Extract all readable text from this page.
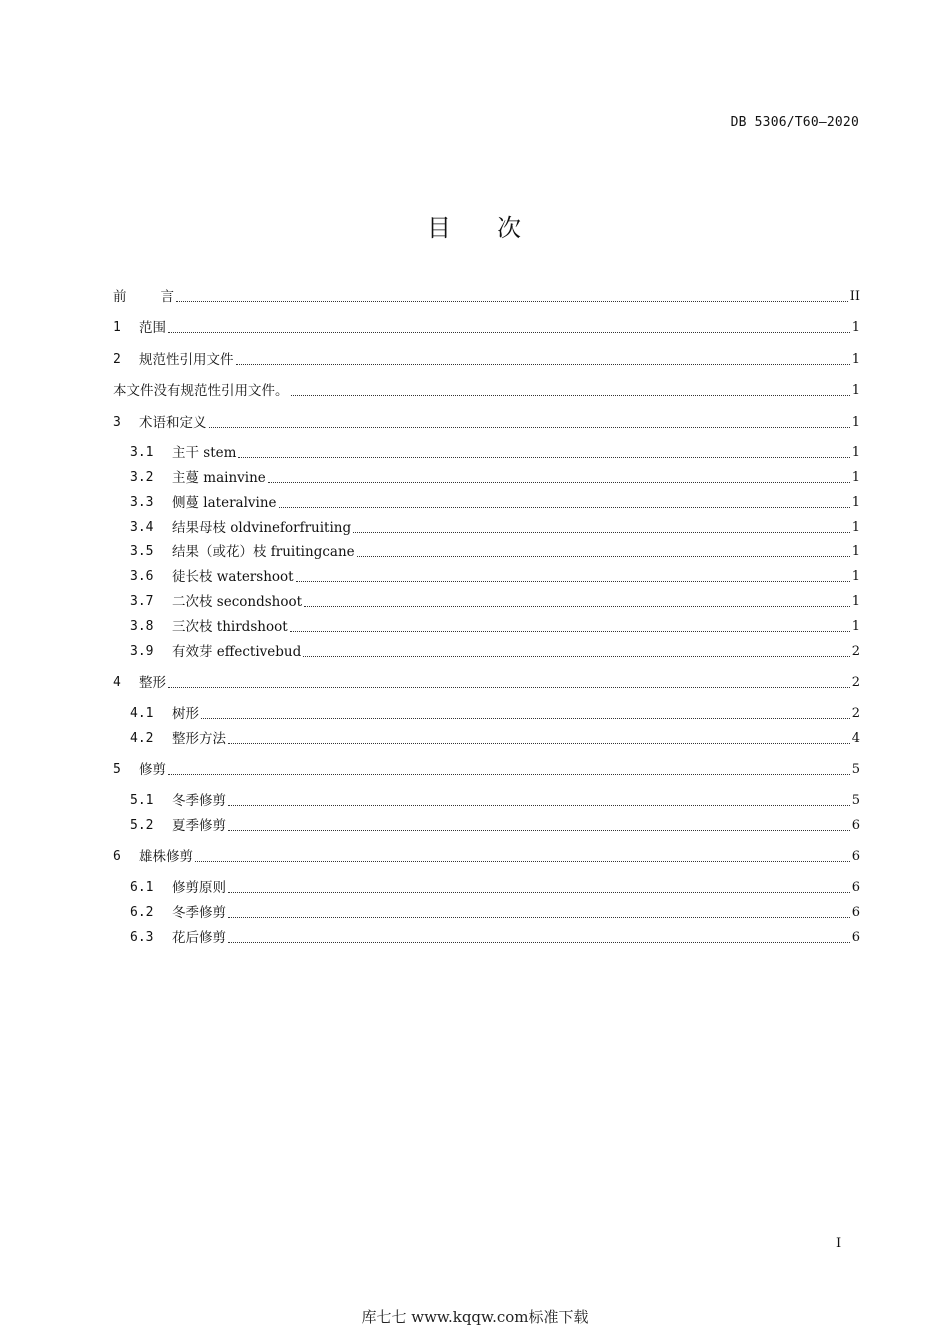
DB 5306/T60—2020
目 次
前	言	II
1	范围	1
2	规范性引用文件	1
本文件没有规范性引用文件。	1
3	术语和定义	1
3.1	主干 stem	1
3.2	主蔓 mainvine	1
3.3	侧蔓 lateralvine	1
3.4	结果母枝 oldvineforfruiting	1
3.5	结果（或花）枝 fruitingcane	1
3.6	徒长枝 watershoot	1
3.7	二次枝 secondshoot	1
3.8	三次枝 thirdshoot	1
3.9	有效芽 effectivebud	2
4	整形	2
4.1	树形	2
4.2	整形方法	4
5	修剪	5
5.1	冬季修剪	5
5.2	夏季修剪	6
6	雄株修剪	6
6.1	修剪原则	6
6.2	冬季修剪	6
6.3	花后修剪	6
I
库七七 www.kqqw.com标准下载
